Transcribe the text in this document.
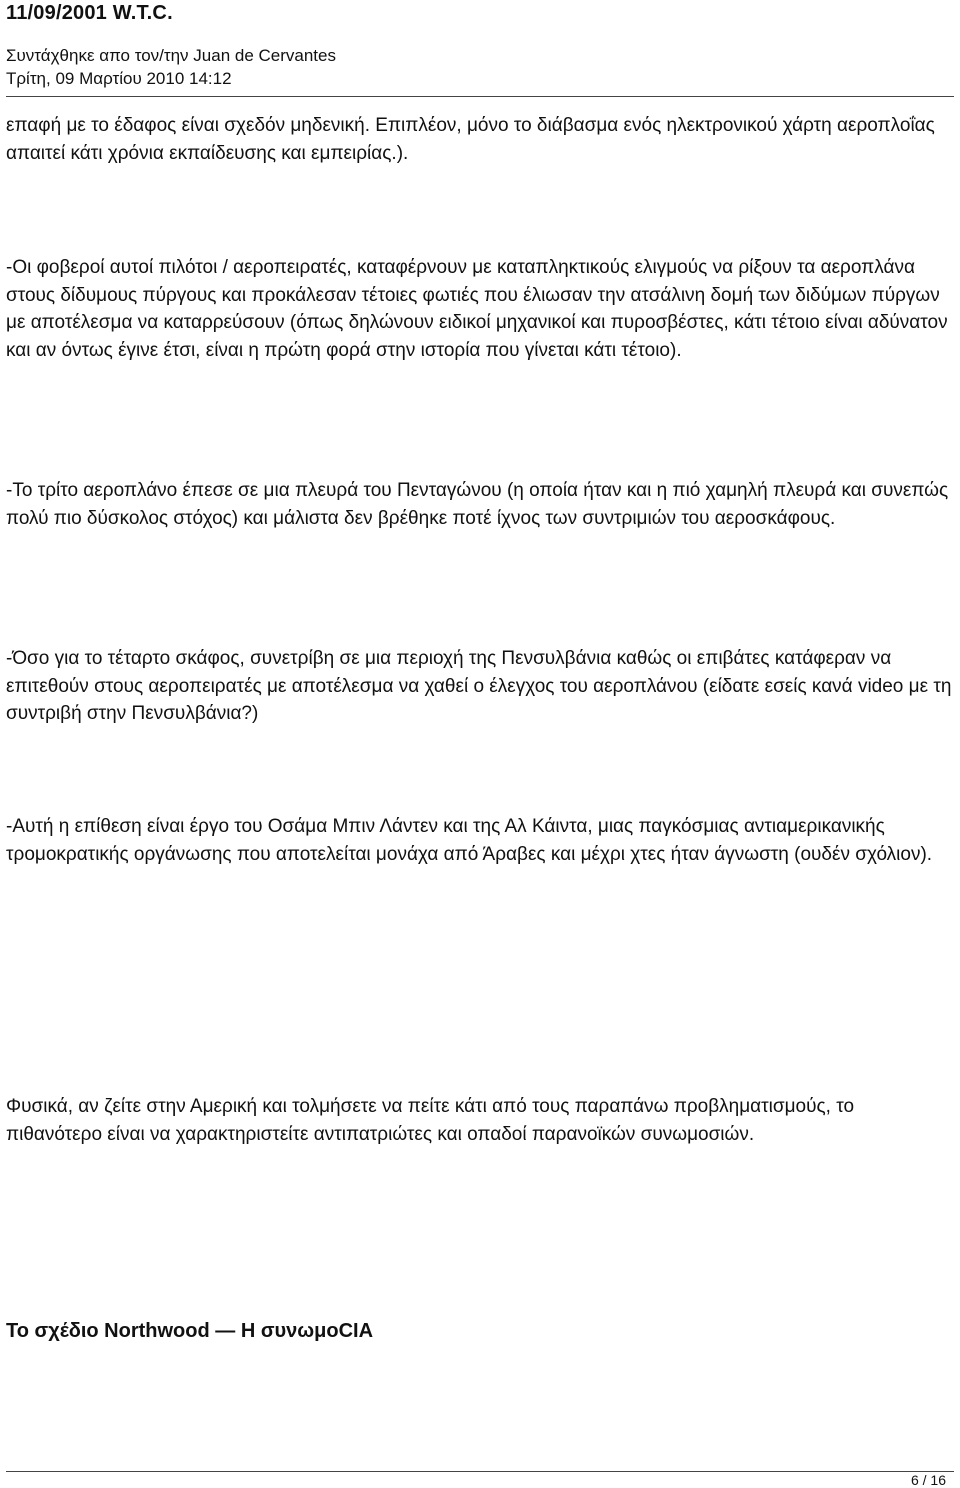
11/09/2001 W.T.C.
Συντάχθηκε απο τον/την Juan de Cervantes
Τρίτη, 09 Μαρτίου 2010 14:12

επαφή με το έδαφος είναι σχεδόν μηδενική. Επιπλέον, μόνο το διάβασμα ενός ηλεκτρονικού χάρτη αεροπλοΐας απαιτεί κάτι χρόνια εκπαίδευσης και εμπειρίας.).

-Οι φοβεροί αυτοί πιλότοι / αεροπειρατές, καταφέρνουν με καταπληκτικούς ελιγμούς να ρίξουν τα αεροπλάνα στους δίδυμους πύργους και προκάλεσαν τέτοιες φωτιές που έλιωσαν την ατσάλινη δομή των διδύμων πύργων με αποτέλεσμα να καταρρεύσουν (όπως δηλώνουν ειδικοί μηχανικοί και πυροσβέστες, κάτι τέτοιο είναι αδύνατον και αν όντως έγινε έτσι, είναι η πρώτη φορά στην ιστορία που γίνεται κάτι τέτοιο).

-Το τρίτο αεροπλάνο έπεσε σε μια πλευρά του Πενταγώνου (η οποία ήταν και η πιό χαμηλή πλευρά και συνεπώς πολύ πιο δύσκολος στόχος) και μάλιστα δεν βρέθηκε ποτέ ίχνος των συντριμιών του αεροσκάφους.

-Όσο για το τέταρτο σκάφος, συνετρίβη σε μια περιοχή της Πενσυλβάνια καθώς οι επιβάτες κατάφεραν να επιτεθούν στους αεροπειρατές με αποτέλεσμα να χαθεί ο έλεγχος του αεροπλάνου (είδατε εσείς κανά video με τη συντριβή στην Πενσυλβάνια?)

-Αυτή η επίθεση είναι έργο του Οσάμα Μπιν Λάντεν και της Αλ Κάιντα, μιας παγκόσμιας αντιαμερικανικής τρομοκρατικής οργάνωσης που αποτελείται μονάχα από Άραβες και μέχρι χτες ήταν άγνωστη (ουδέν σχόλιον).

Φυσικά, αν ζείτε στην Αμερική και τολμήσετε να πείτε κάτι από τους παραπάνω προβληματισμούς, το πιθανότερο είναι να χαρακτηριστείτε αντιπατριώτες και οπαδοί παρανοϊκών συνωμοσιών.

Το σχέδιο Northwood — Η συνωμοCIA
6 / 16
